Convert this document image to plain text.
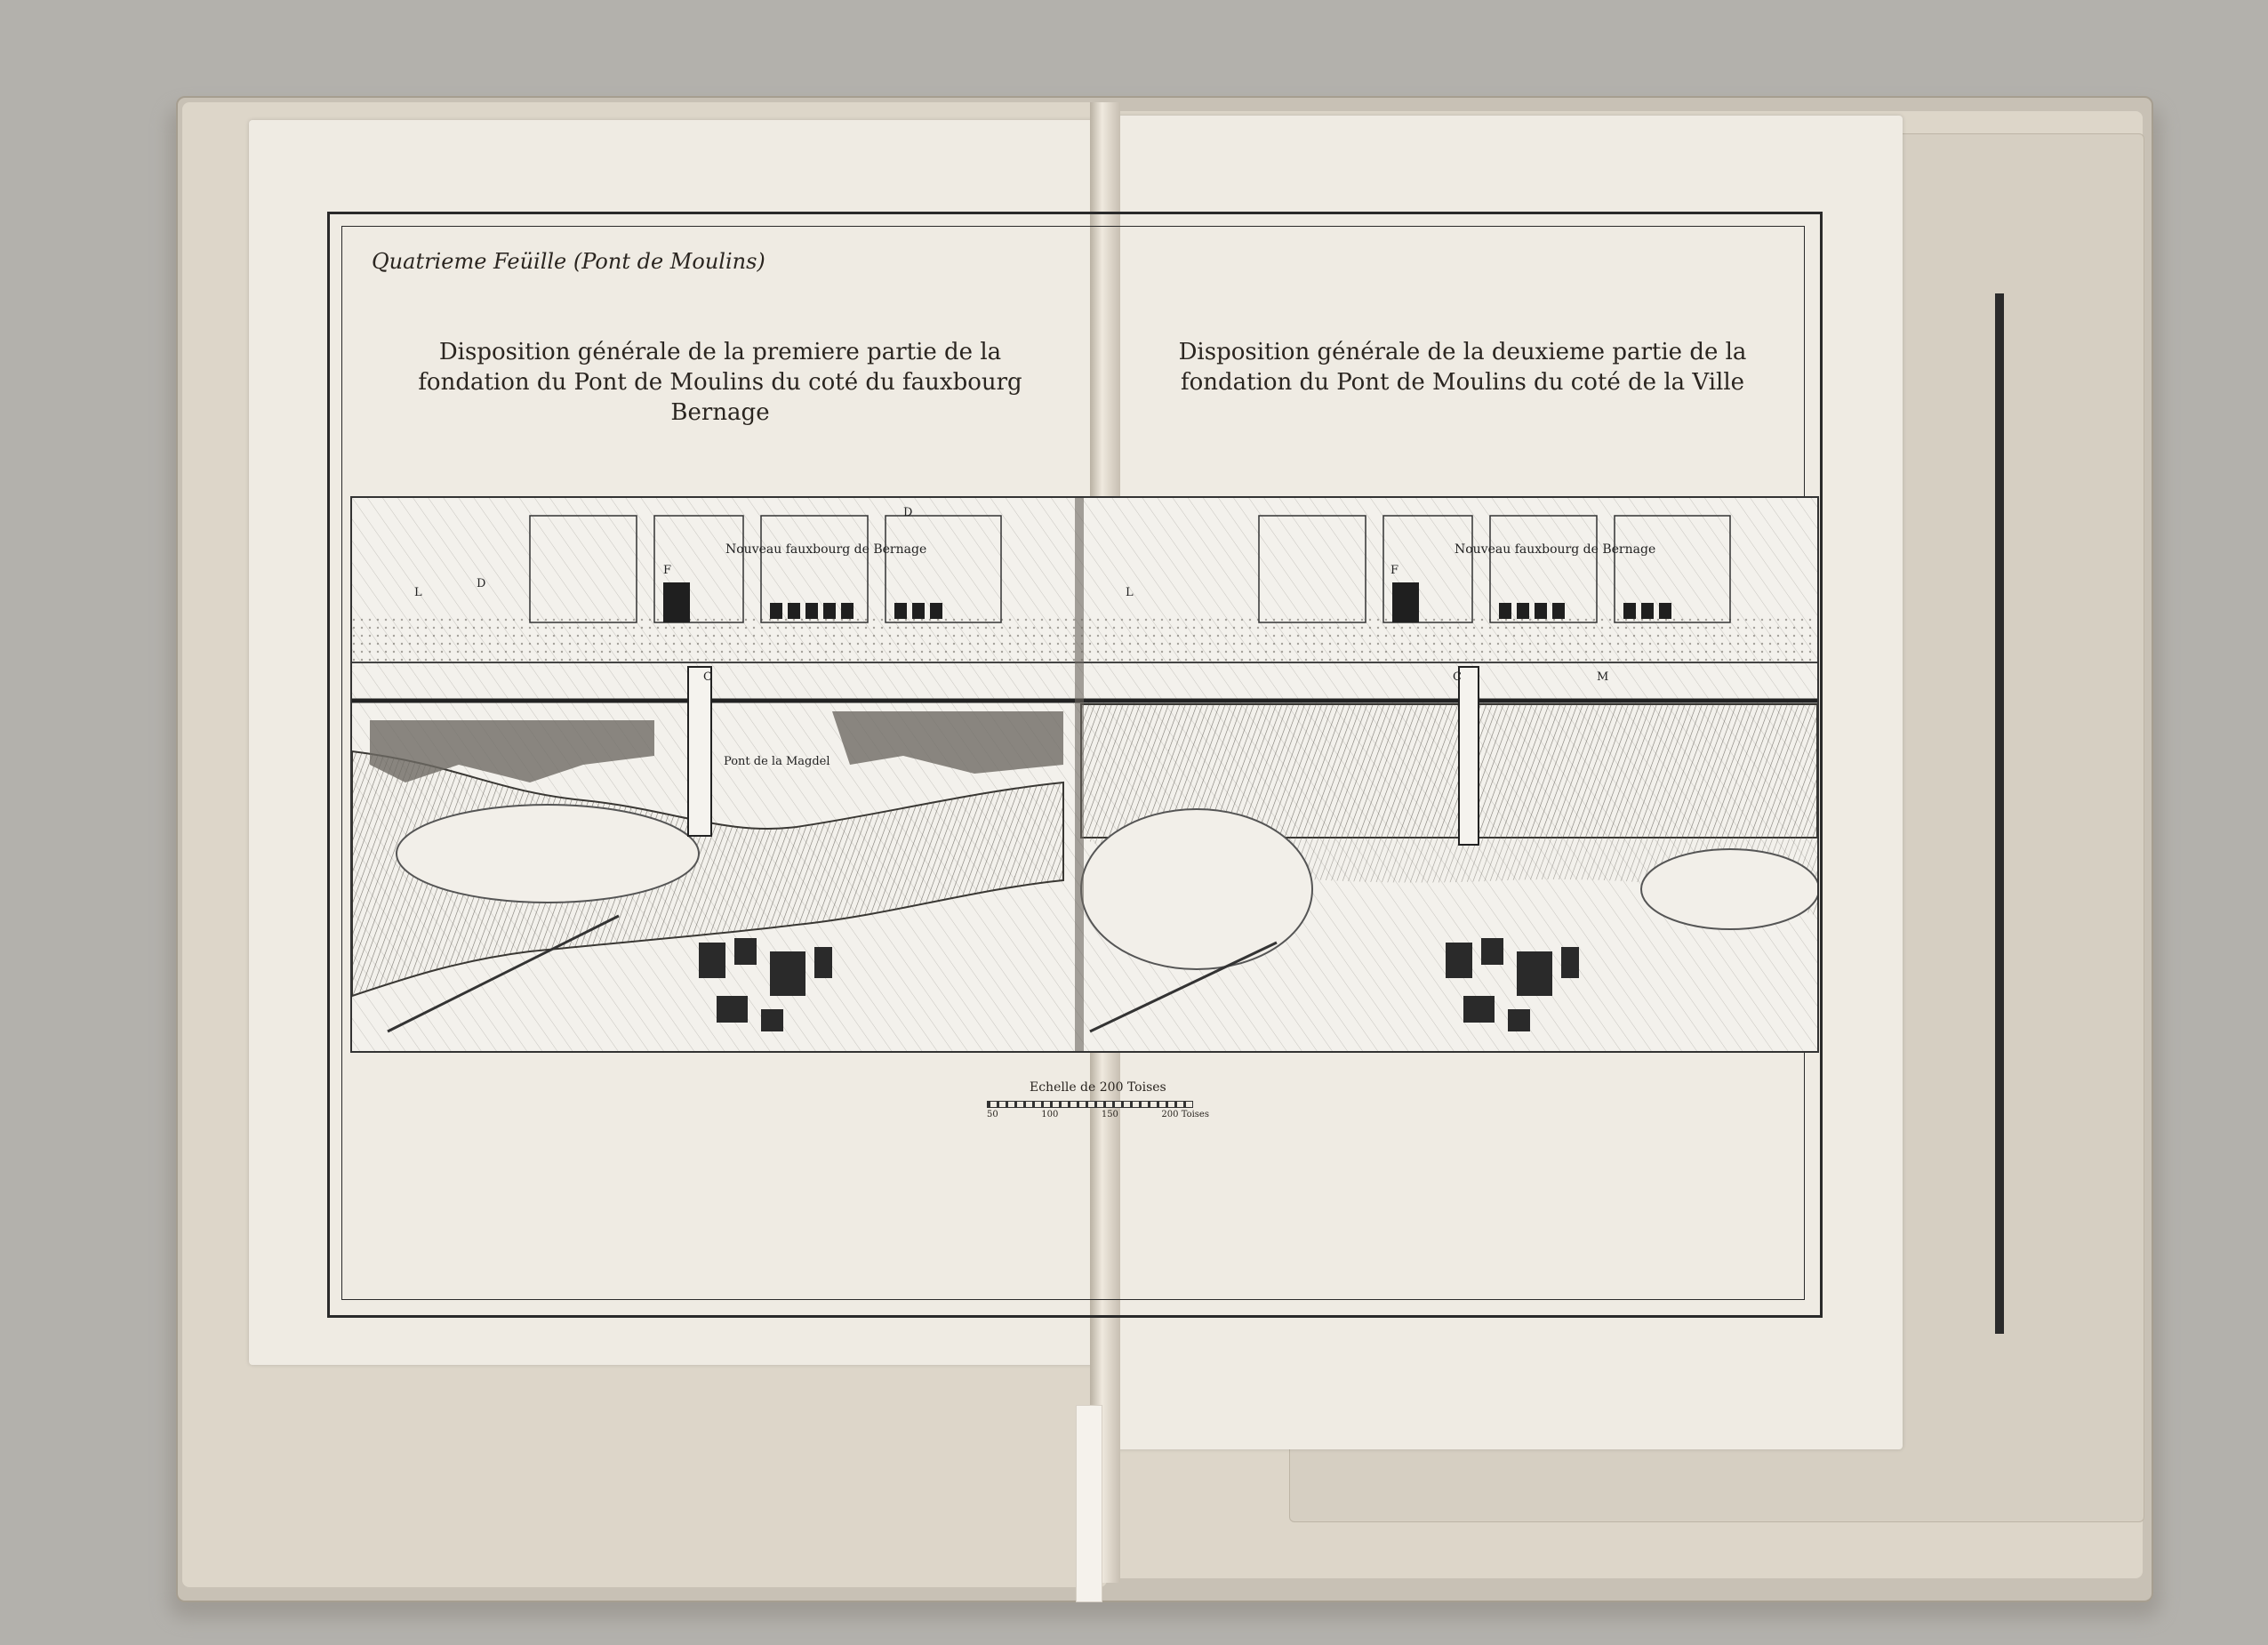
Quatrieme Feüille (Pont de Moulins)
Disposition générale de la premiere partie de la fondation du Pont de Moulins du coté du fauxbourg Bernage
Disposition générale de la deuxieme partie de la fondation du Pont de Moulins du coté de la Ville
L
C
D
F
L
C
F
M
D
Nouveau fauxbourg de Bernage	Nouveau fauxbourg de Bernage
Pont de la Magdel
Echelle de 200 Toises
50	100	150	200 Toises
